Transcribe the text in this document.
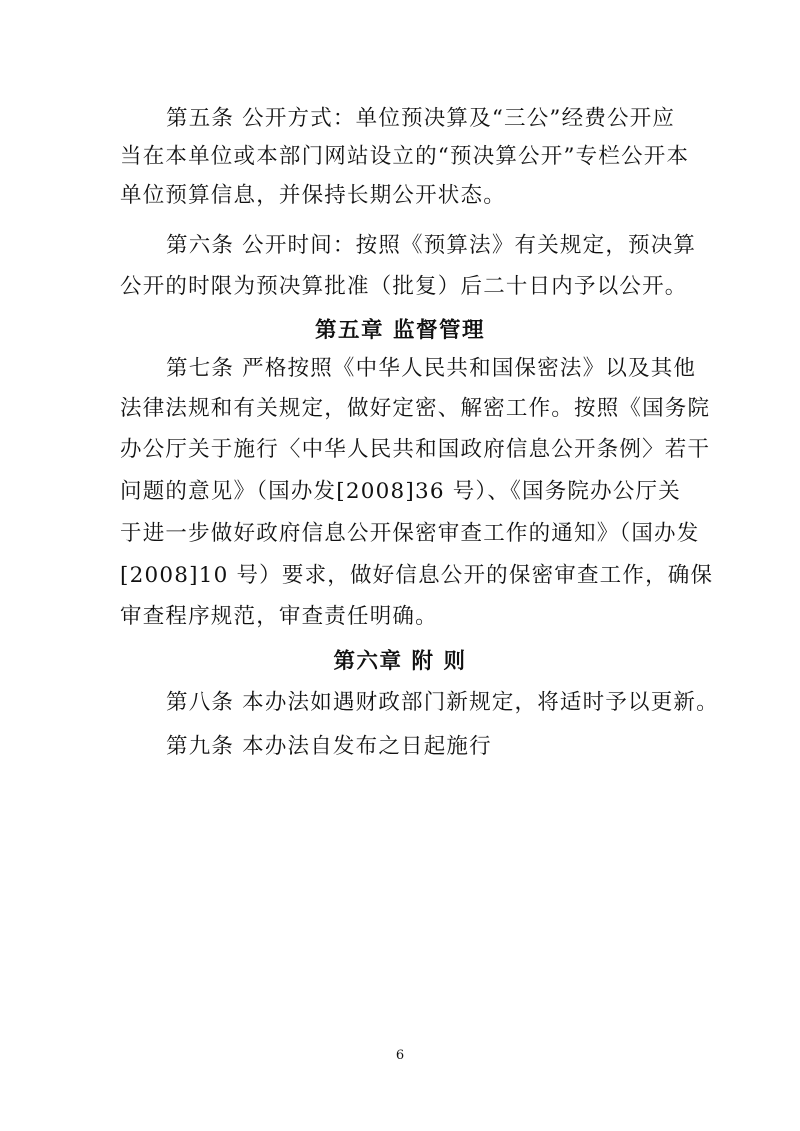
第五条 公开方式：单位预决算及“三公”经费公开应
当在本单位或本部门网站设立的“预决算公开”专栏公开本
单位预算信息，并保持长期公开状态。
第六条 公开时间：按照《预算法》有关规定，预决算
公开的时限为预决算批准（批复）后二十日内予以公开。
第五章 监督管理
第七条 严格按照《中华人民共和国保密法》以及其他
法律法规和有关规定，做好定密、解密工作。按照《国务院
办公厅关于施行〈中华人民共和国政府信息公开条例〉若干
问题的意见》（国办发[2008]36 号）、《国务院办公厅关
于进一步做好政府信息公开保密审查工作的通知》（国办发
[2008]10 号）要求，做好信息公开的保密审查工作，确保
审查程序规范，审查责任明确。
第六章 附 则
第八条 本办法如遇财政部门新规定，将适时予以更新。
第九条 本办法自发布之日起施行
6
